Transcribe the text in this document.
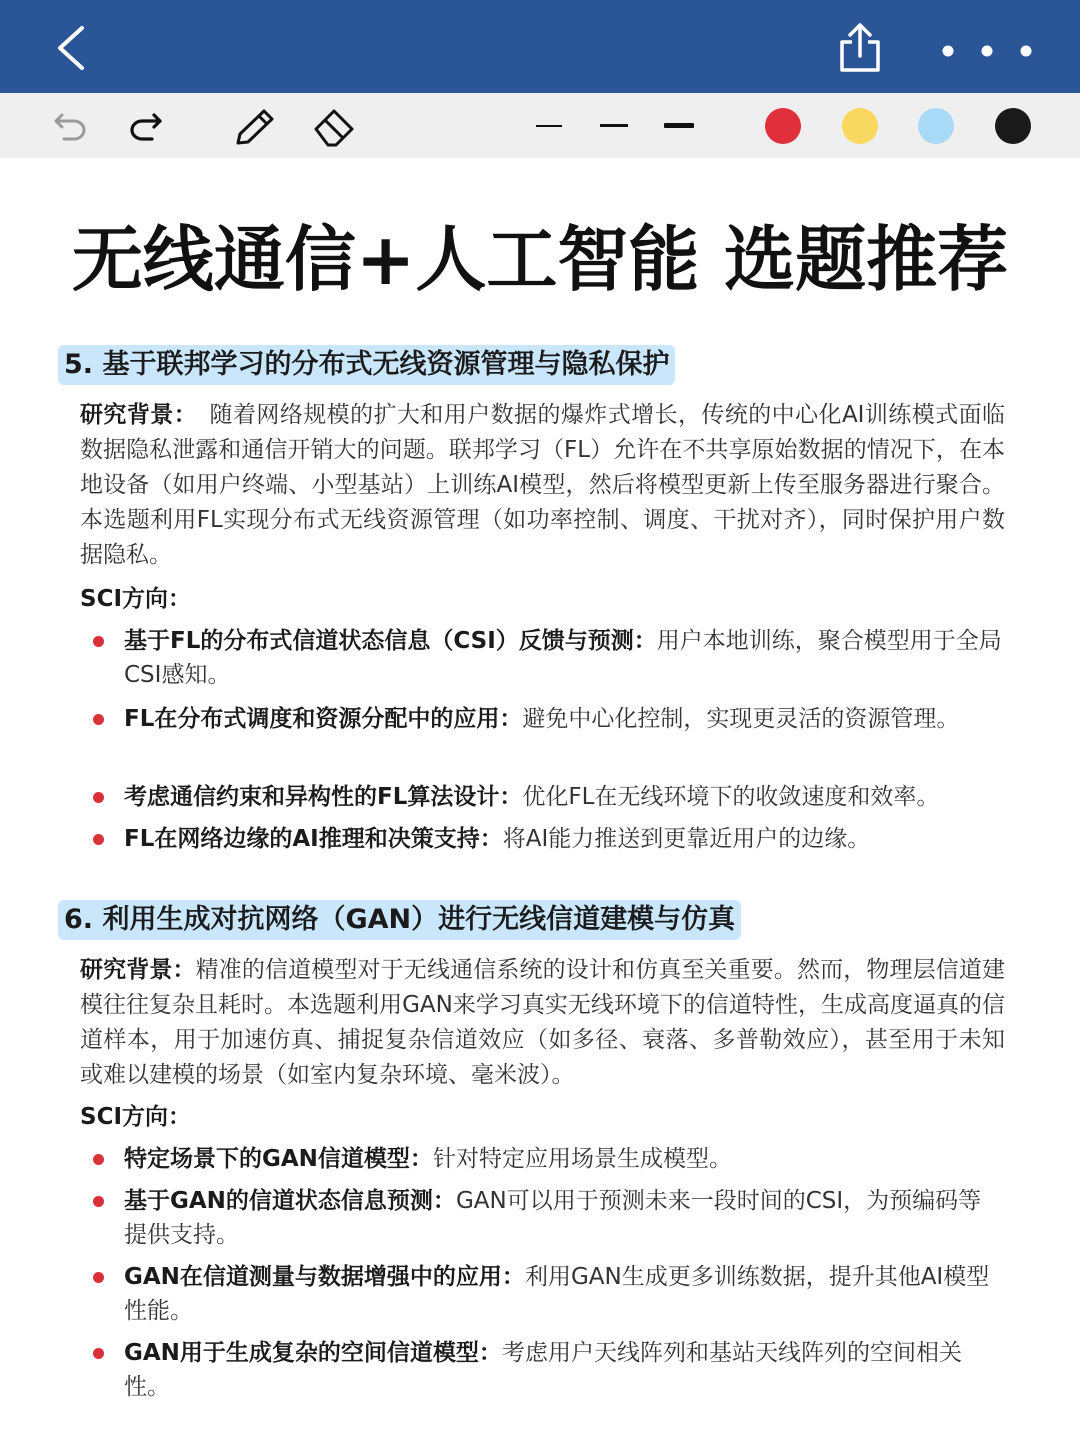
无线通信+人工智能 选题推荐
5. 基于联邦学习的分布式无线资源管理与隐私保护
研究背景： 随着网络规模的扩大和用户数据的爆炸式增长，传统的中心化AI训练模式面临数据隐私泄露和通信开销大的问题。联邦学习（FL）允许在不共享原始数据的情况下，在本地设备（如用户终端、小型基站）上训练AI模型，然后将模型更新上传至服务器进行聚合。本选题利用FL实现分布式无线资源管理（如功率控制、调度、干扰对齐），同时保护用户数据隐私。
SCI方向：
基于FL的分布式信道状态信息（CSI）反馈与预测：用户本地训练，聚合模型用于全局CSI感知。
FL在分布式调度和资源分配中的应用：避免中心化控制，实现更灵活的资源管理。
考虑通信约束和异构性的FL算法设计：优化FL在无线环境下的收敛速度和效率。
FL在网络边缘的AI推理和决策支持：将AI能力推送到更靠近用户的边缘。
6. 利用生成对抗网络（GAN）进行无线信道建模与仿真
研究背景：精准的信道模型对于无线通信系统的设计和仿真至关重要。然而，物理层信道建模往往复杂且耗时。本选题利用GAN来学习真实无线环境下的信道特性，生成高度逼真的信道样本，用于加速仿真、捕捉复杂信道效应（如多径、衰落、多普勒效应），甚至用于未知或难以建模的场景（如室内复杂环境、毫米波）。
SCI方向：
特定场景下的GAN信道模型：针对特定应用场景生成模型。
基于GAN的信道状态信息预测：GAN可以用于预测未来一段时间的CSI，为预编码等提供支持。
GAN在信道测量与数据增强中的应用：利用GAN生成更多训练数据，提升其他AI模型性能。
GAN用于生成复杂的空间信道模型：考虑用户天线阵列和基站天线阵列的空间相关性。
